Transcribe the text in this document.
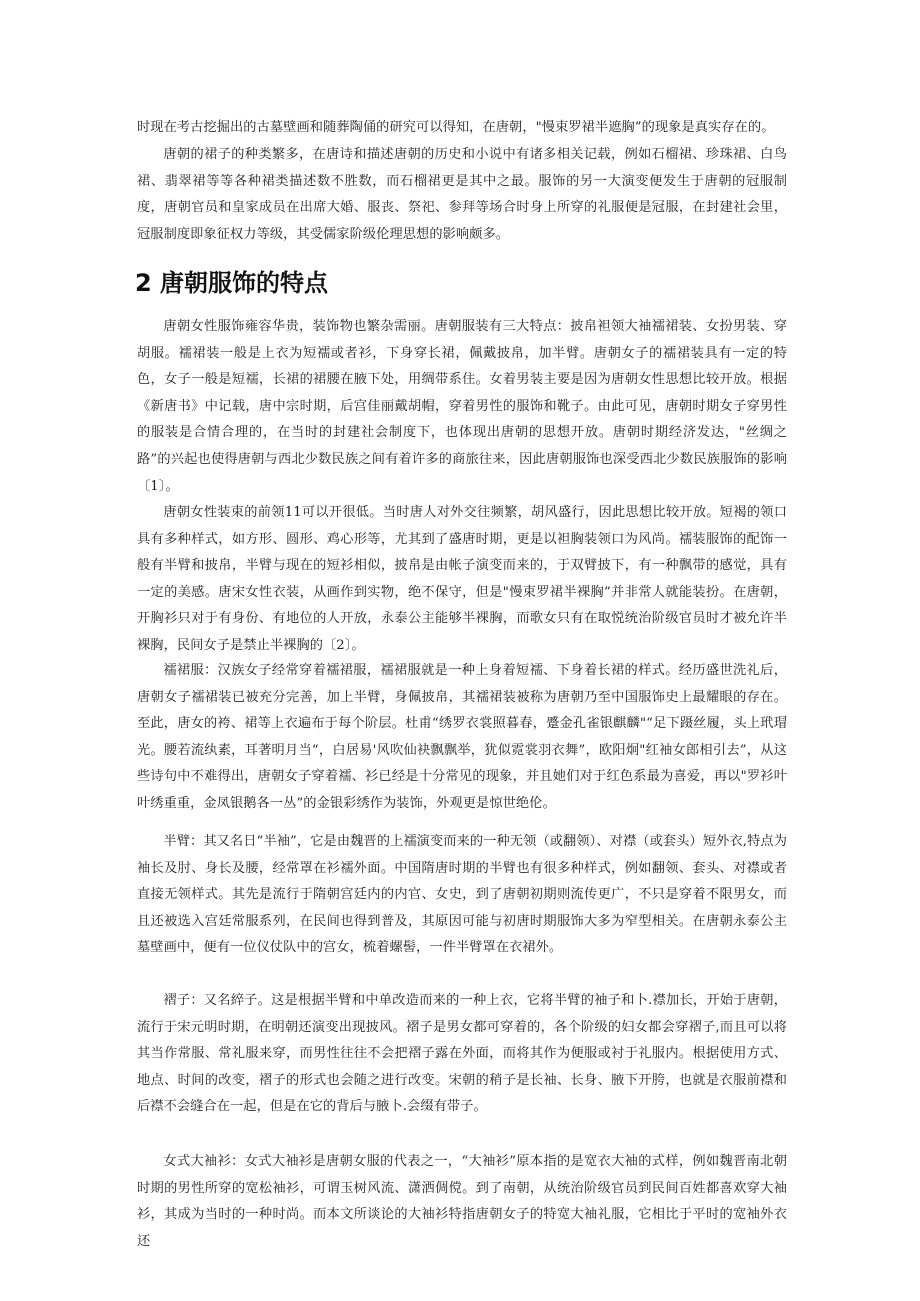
时现在考古挖掘出的古墓壁画和随葬陶俑的研究可以得知，在唐朝，"慢束罗裙半遮胸”的现象是真实存在的。

唐朝的裙子的种类繁多，在唐诗和描述唐朝的历史和小说中有诸多相关记载，例如石榴裙、珍珠裙、白鸟裙、翡翠裙等等各种裙类描述数不胜数，而石榴裙更是其中之最。服饰的另一大演变便发生于唐朝的冠服制度，唐朝官员和皇家成员在出席大婚、服丧、祭祀、参拜等场合时身上所穿的礼服便是冠服，在封建社会里，冠服制度即象征权力等级，其受儒家阶级伦理思想的影响颇多。

2 唐朝服饰的特点

唐朝女性服饰雍容华贵，装饰物也繁杂需丽。唐朝服装有三大特点：披帛袒领大袖襦裙装、女扮男装、穿胡服。襦裙装一般是上衣为短襦或者衫，下身穿长裙，佩戴披帛，加半臂。唐朝女子的襦裙装具有一定的特色，女子一般是短襦，长裙的裙腰在腋下处，用绸带系住。女着男装主要是因为唐朝女性思想比较开放。根据《新唐书》中记载，唐中宗时期，后宫佳丽戴胡帽，穿着男性的服饰和靴子。由此可见，唐朝时期女子穿男性的服装是合情合理的，在当时的封建社会制度下，也体现出唐朝的思想开放。唐朝时期经济发达，"丝绸之路”的兴起也使得唐朝与西北少数民族之间有着许多的商旅往来，因此唐朝服饰也深受西北少数民族服饰的影响〔1〕。

唐朝女性装束的前领11可以开很低。当时唐人对外交往频繁，胡风盛行，因此思想比较开放。短褐的领口具有多种样式，如方形、圆形、鸡心形等，尤其到了盛唐时期，更是以袒胸装领口为风尚。襦装服饰的配饰一般有半臂和披帛，半臂与现在的短衫相似，披帛是由帐子演变而来的，于双臂披下，有一种飘带的感觉，具有一定的美感。唐宋女性衣装，从画作到实物，绝不保守，但是"慢束罗裙半裸胸”并非常人就能装扮。在唐朝，开胸衫只对于有身份、有地位的人开放，永泰公主能够半裸胸，而歌女只有在取悦统治阶级官员时才被允许半裸胸，民间女子是禁止半裸胸的〔2〕。

襦裙服：汉族女子经常穿着襦裙服，襦裙服就是一种上身着短襦、下身着长裙的样式。经历盛世洗礼后，唐朝女子襦裙装已被充分完善，加上半臂，身佩披帛，其襦裙装被称为唐朝乃至中国服饰史上最耀眼的存在。至此，唐女的袴、裙等上衣遍布于每个阶层。杜甫“绣罗衣裳照暮春，蹙金孔雀银麒麟"“足下蹑丝履，头上玳瑁光。腰若流纨素，耳著明月当“，白居易'风吹仙袂飘飘举，犹似霓裳羽衣舞”，欧阳炯"红袖女郎相引去”，从这些诗句中不难得出，唐朝女子穿着襦、衫已经是十分常见的现象，并且她们对于红色系最为喜爱，再以"罗衫叶叶绣重重，金凤银鹅各一丛”的金银彩绣作为装饰，外观更是惊世绝伦。

半臂：其又名日“半袖”，它是由魏晋的上襦演变而来的一种无领（或翻领）、对襟（或套头）短外衣,特点为袖长及肘、身长及腰，经常罩在衫襦外面。中国隋唐时期的半臂也有很多种样式，例如翻领、套头、对襟或者直接无领样式。其先是流行于隋朝宫廷内的内官、女史，到了唐朝初期则流传更广，不只是穿着不限男女，而且还被选入宫廷常服系列，在民间也得到普及，其原因可能与初唐时期服饰大多为窄型相关。在唐朝永泰公主墓壁画中，便有一位仪仗队中的宫女，梳着螺髻，一件半臂罩在衣裙外。

褶子：又名綷子。这是根据半臂和中单改造而来的一种上衣，它将半臂的袖子和卜.襟加长，开始于唐朝，流行于宋元明时期，在明朝还演变出现披风。褶子是男女都可穿着的，各个阶级的妇女都会穿褶子,而且可以将其当作常服、常礼服来穿，而男性往往不会把褶子露在外面，而将其作为便服或衬于礼服内。根据使用方式、地点、时间的改变，褶子的形式也会随之进行改变。宋朝的稍子是长袖、长身、腋下开胯，也就是衣服前襟和后襟不会缝合在一起，但是在它的背后与腋卜.会缀有带子。

女式大袖衫：女式大袖衫是唐朝女服的代表之一，“大袖衫”原本指的是宽衣大袖的式样，例如魏晋南北朝时期的男性所穿的宽松袖衫，可谓玉树风流、潇洒倜傥。到了南朝，从统治阶级官员到民间百姓都喜欢穿大袖衫，其成为当时的一种时尚。而本文所谈论的大袖衫特指唐朝女子的特宽大袖礼服，它相比于平时的宽袖外衣还
